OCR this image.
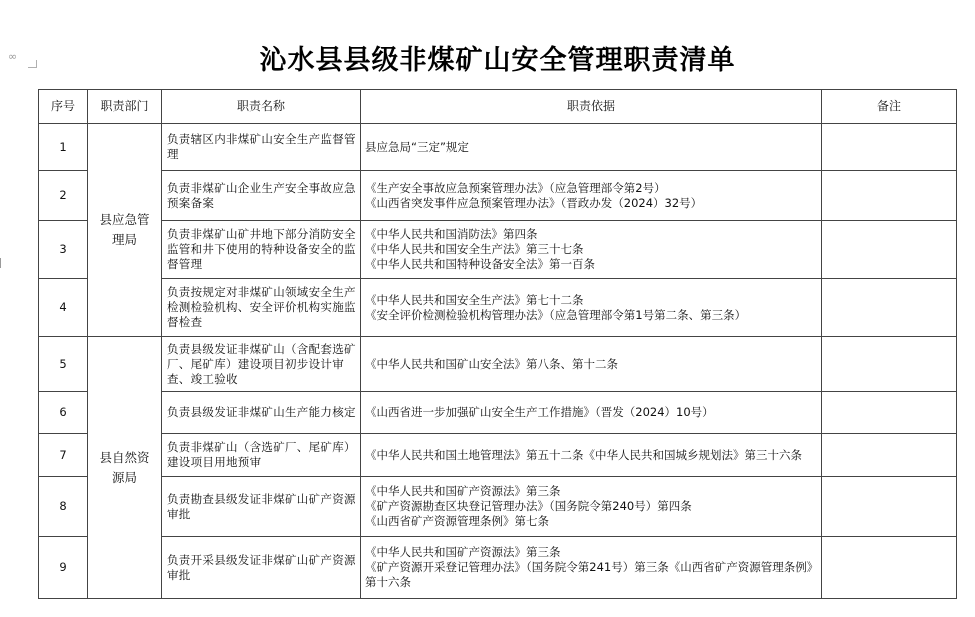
∞	沁水县县级非煤矿山安全管理职责清单
序号	职责部门	职责名称	职责依据	备注
1	县应急管理局	负责辖区内非煤矿山安全生产监督管理	县应急局“三定”规定	

2		负责非煤矿山企业生产安全事故应急预案备案	《生产安全事故应急预案管理办法》（应急管理部令第2号）
《山西省突发事件应急预案管理办法》（晋政办发（2024）32号）	

3		负责非煤矿山矿井地下部分消防安全监管和井下使用的特种设备安全的监督管理	《中华人民共和国消防法》第四条
《中华人民共和国安全生产法》第三十七条
《中华人民共和国特种设备安全法》第一百条	

4		负责按规定对非煤矿山领域安全生产检测检验机构、安全评价机构实施监督检查	《中华人民共和国安全生产法》第七十二条
《安全评价检测检验机构管理办法》（应急管理部令第1号第二条、第三条）	

5	县自然资源局	负责县级发证非煤矿山（含配套选矿厂、尾矿库）建设项目初步设计审查、竣工验收	《中华人民共和国矿山安全法》第八条、第十二条	

6		负责县级发证非煤矿山生产能力核定	《山西省进一步加强矿山安全生产工作措施》（晋发（2024）10号）	

7		负责非煤矿山（含选矿厂、尾矿库）建设项目用地预审	《中华人民共和国土地管理法》第五十二条《中华人民共和国城乡规划法》第三十六条	

8		负责勘查县级发证非煤矿山矿产资源审批	《中华人民共和国矿产资源法》第三条
《矿产资源勘查区块登记管理办法》（国务院令第240号）第四条
《山西省矿产资源管理条例》第七条	

9		负责开采县级发证非煤矿山矿产资源审批	《中华人民共和国矿产资源法》第三条
《矿产资源开采登记管理办法》（国务院令第241号）第三条《山西省矿产资源管理条例》第十六条	
